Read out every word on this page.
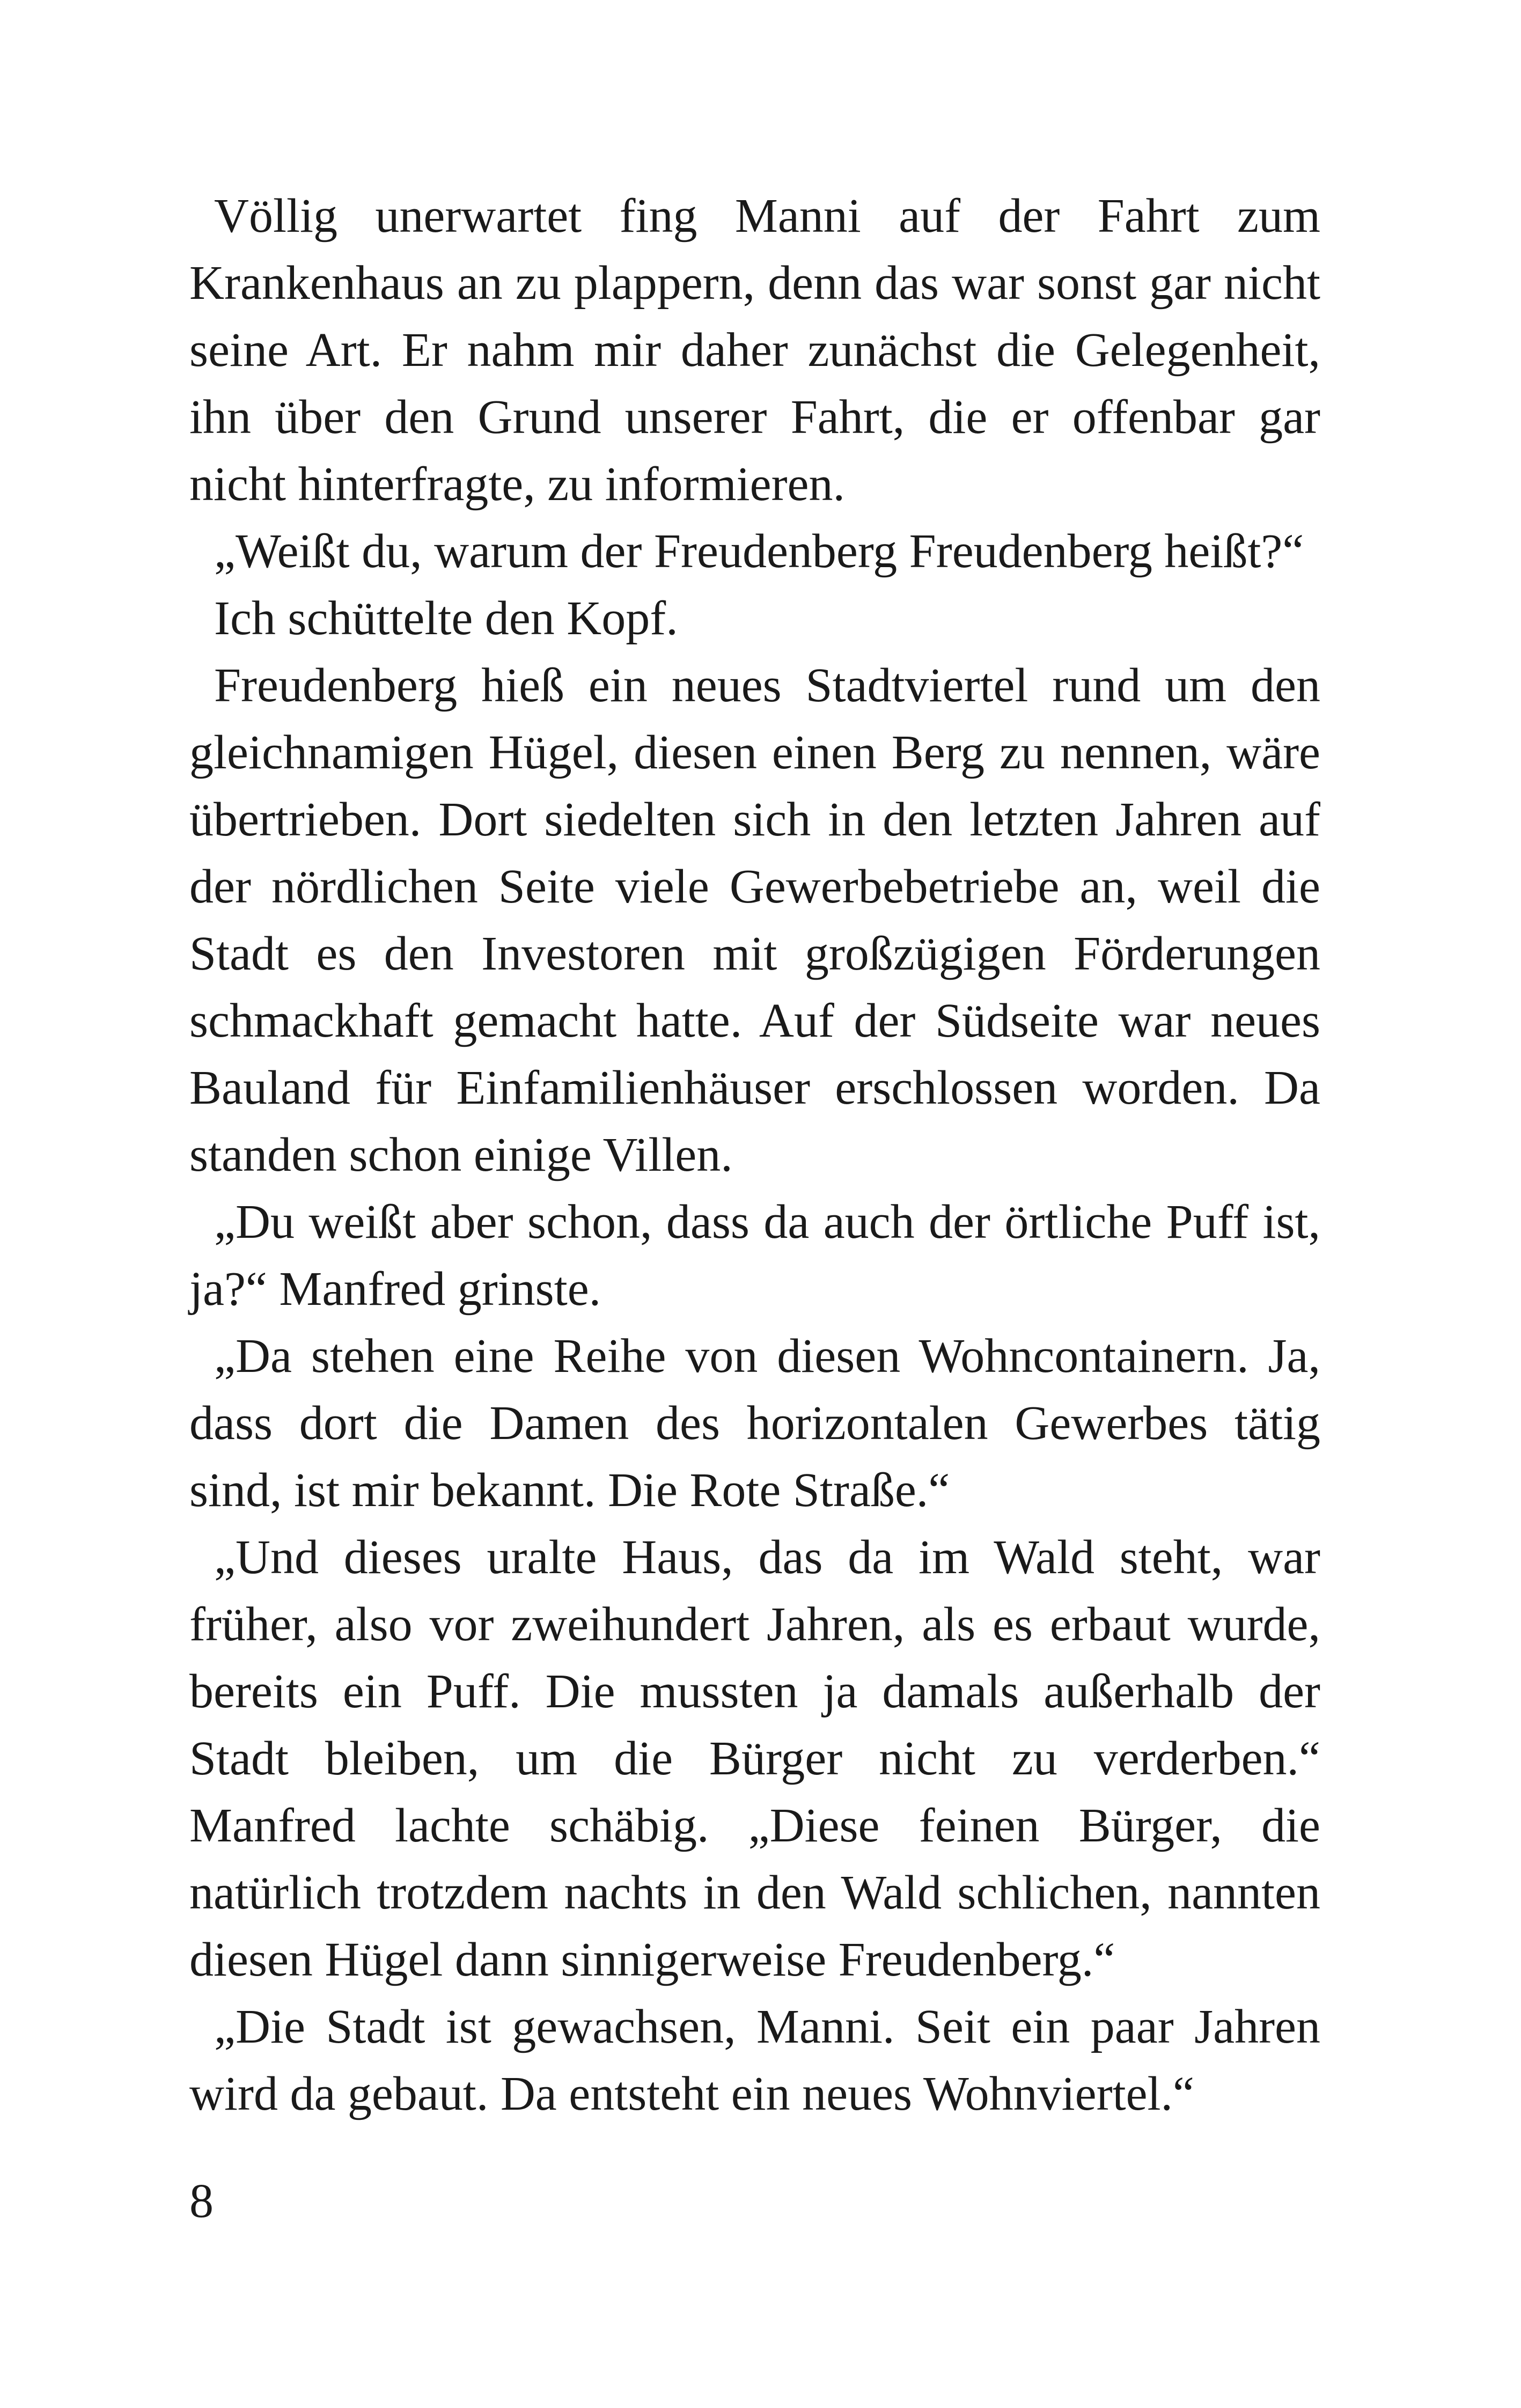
Völlig unerwartet fing Manni auf der Fahrt zum Krankenhaus an zu plappern, denn das war sonst gar nicht seine Art. Er nahm mir daher zunächst die Gelegenheit, ihn über den Grund unserer Fahrt, die er offenbar gar nicht hinterfragte, zu informieren.

„Weißt du, warum der Freudenberg Freudenberg heißt?“

Ich schüttelte den Kopf.

Freudenberg hieß ein neues Stadtviertel rund um den gleichnamigen Hügel, diesen einen Berg zu nennen, wäre übertrieben. Dort siedelten sich in den letzten Jahren auf der nördlichen Seite viele Gewerbebetriebe an, weil die Stadt es den Investoren mit großzügigen Förderungen schmackhaft gemacht hatte. Auf der Südseite war neues Bauland für Einfamilienhäuser erschlossen worden. Da standen schon einige Villen.

„Du weißt aber schon, dass da auch der örtliche Puff ist, ja?“ Manfred grinste.

„Da stehen eine Reihe von diesen Wohncontainern. Ja, dass dort die Damen des horizontalen Gewerbes tätig sind, ist mir bekannt. Die Rote Straße.“

„Und dieses uralte Haus, das da im Wald steht, war früher, also vor zweihundert Jahren, als es erbaut wurde, bereits ein Puff. Die mussten ja damals außerhalb der Stadt bleiben, um die Bürger nicht zu verderben.“ Manfred lachte schäbig. „Diese feinen Bürger, die natürlich trotzdem nachts in den Wald schlichen, nannten diesen Hügel dann sinnigerweise Freudenberg.“

„Die Stadt ist gewachsen, Manni. Seit ein paar Jahren wird da gebaut. Da entsteht ein neues Wohnviertel.“

8
